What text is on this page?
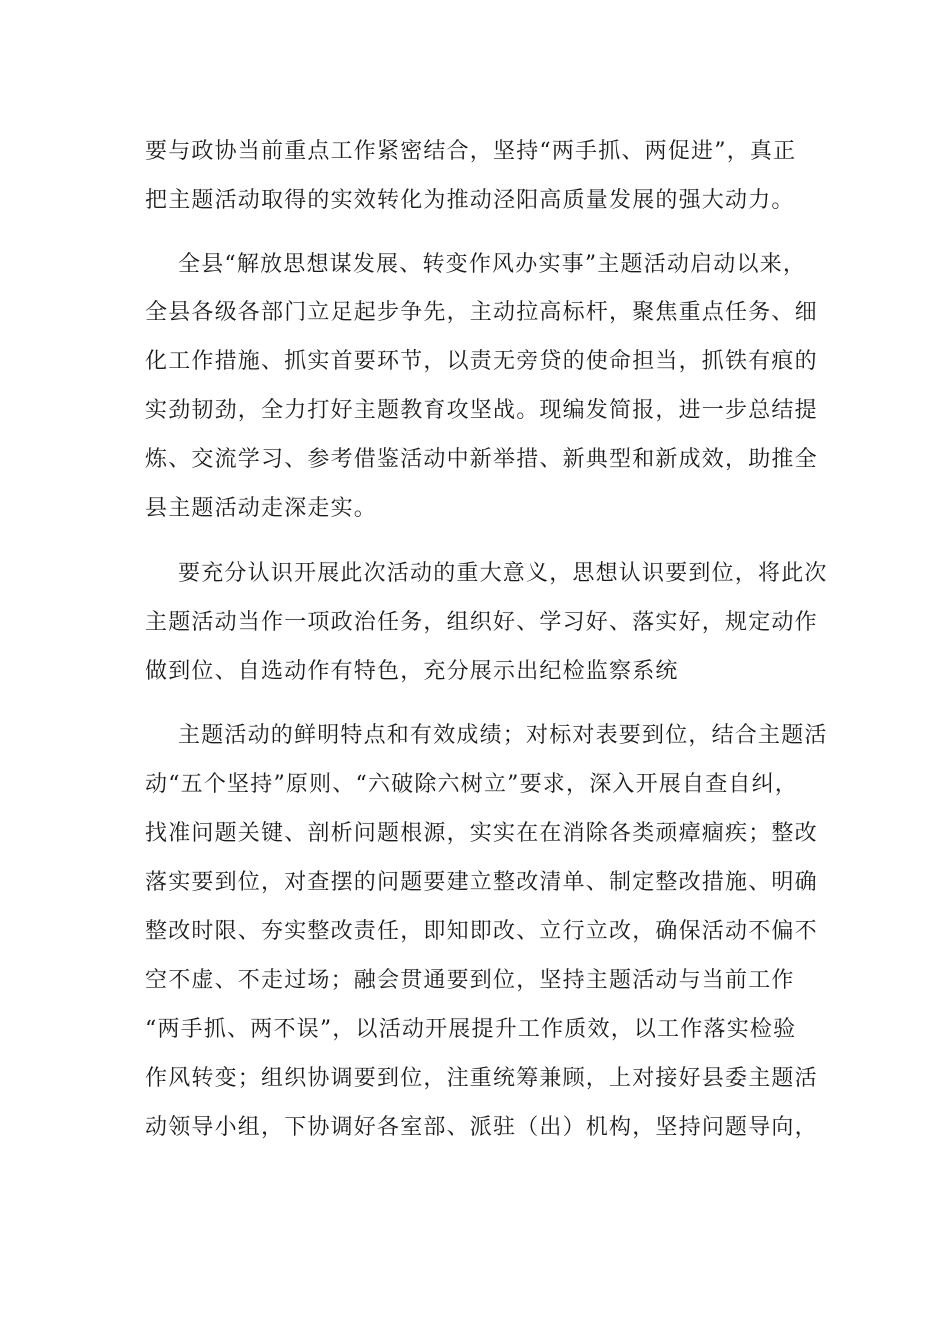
要与政协当前重点工作紧密结合，坚持“两手抓、两促进”，真正
把主题活动取得的实效转化为推动泾阳高质量发展的强大动力。
全县“解放思想谋发展、转变作风办实事”主题活动启动以来，
全县各级各部门立足起步争先，主动拉高标杆，聚焦重点任务、细
化工作措施、抓实首要环节，以责无旁贷的使命担当，抓铁有痕的
实劲韧劲，全力打好主题教育攻坚战。现编发简报，进一步总结提
炼、交流学习、参考借鉴活动中新举措、新典型和新成效，助推全
县主题活动走深走实。
要充分认识开展此次活动的重大意义，思想认识要到位，将此次
主题活动当作一项政治任务，组织好、学习好、落实好，规定动作
做到位、自选动作有特色，充分展示出纪检监察系统
主题活动的鲜明特点和有效成绩；对标对表要到位，结合主题活
动“五个坚持”原则、“六破除六树立”要求，深入开展自查自纠，
找准问题关键、剖析问题根源，实实在在消除各类顽瘴痼疾；整改
落实要到位，对查摆的问题要建立整改清单、制定整改措施、明确
整改时限、夯实整改责任，即知即改、立行立改，确保活动不偏不
空不虚、不走过场；融会贯通要到位，坚持主题活动与当前工作
“两手抓、两不误”，以活动开展提升工作质效，以工作落实检验
作风转变；组织协调要到位，注重统筹兼顾，上对接好县委主题活
动领导小组，下协调好各室部、派驻（出）机构，坚持问题导向，
